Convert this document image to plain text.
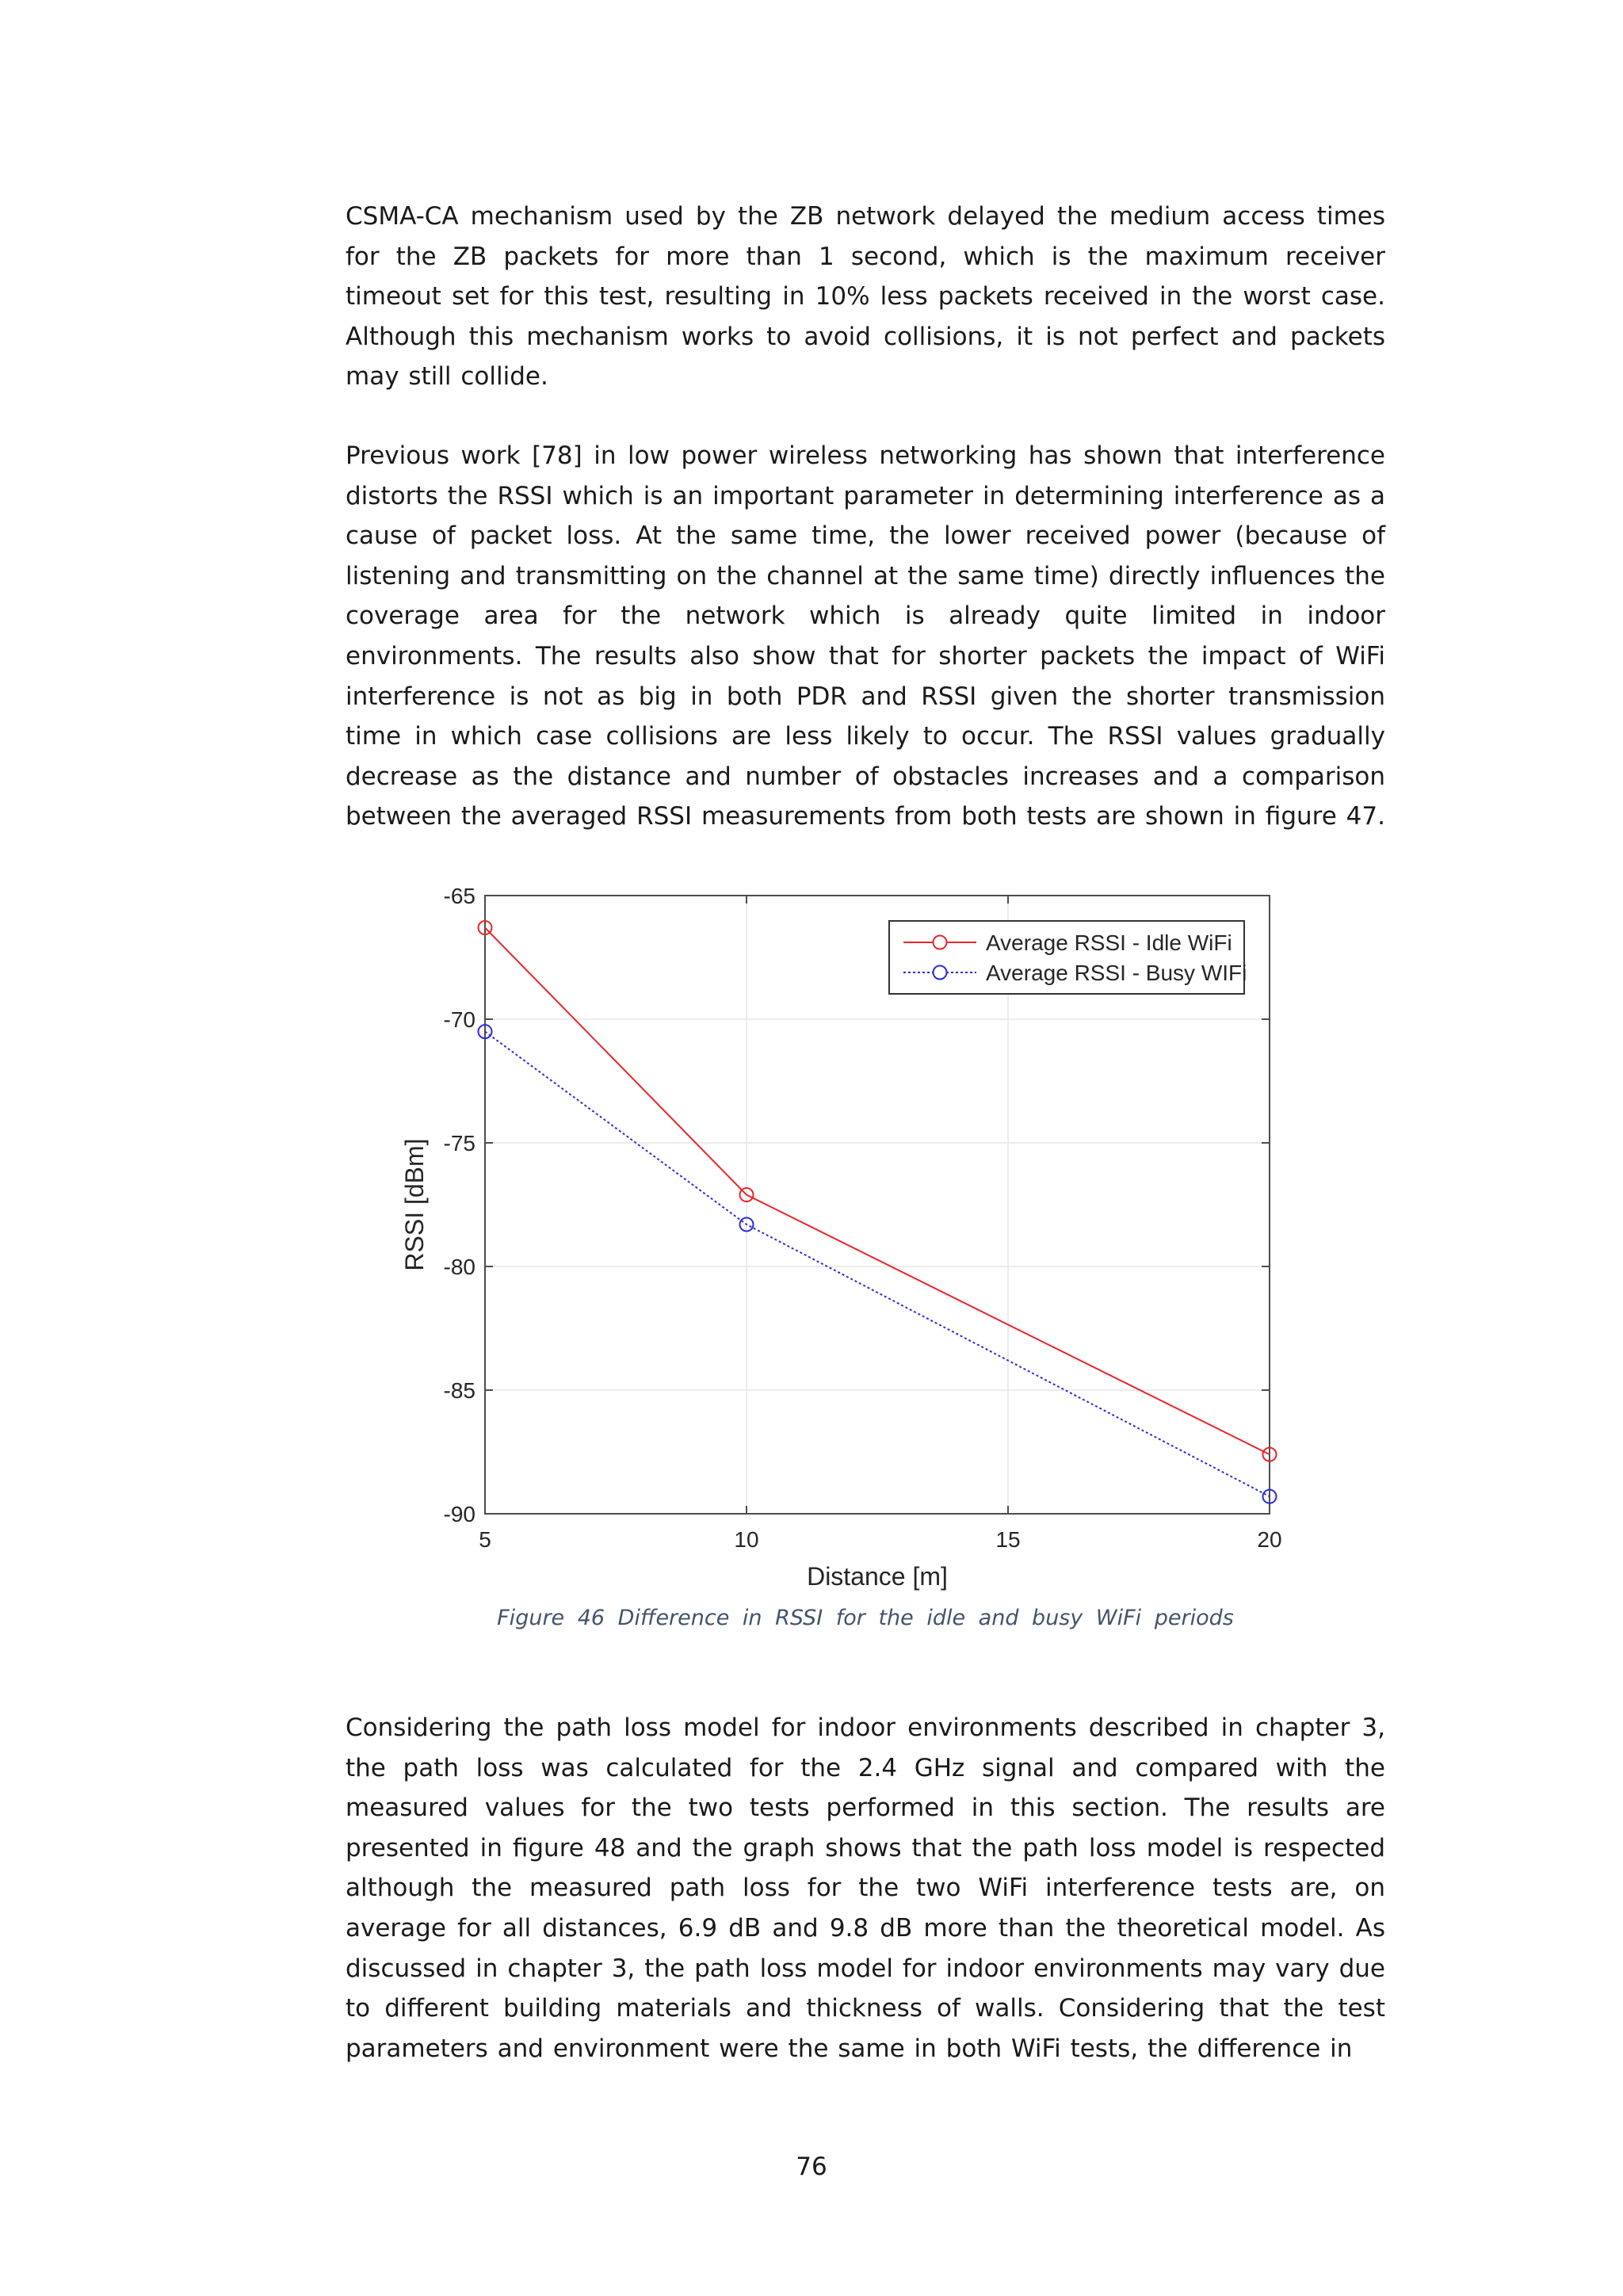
CSMA-CA mechanism used by the ZB network delayed the medium access times for the ZB packets for more than 1 second, which is the maximum receiver timeout set for this test, resulting in 10% less packets received in the worst case. Although this mechanism works to avoid collisions, it is not perfect and packets may still collide.

Previous work [78] in low power wireless networking has shown that interference distorts the RSSI which is an important parameter in determining interference as a cause of packet loss. At the same time, the lower received power (because of listening and transmitting on the channel at the same time) directly influences the coverage area for the network which is already quite limited in indoor environments. The results also show that for shorter packets the impact of WiFi interference is not as big in both PDR and RSSI given the shorter transmission time in which case collisions are less likely to occur. The RSSI values gradually decrease as the distance and number of obstacles increases and a comparison between the averaged RSSI measurements from both tests are shown in figure 47.

5	10	15	20
-65
-70
-75
-80
-85
-90
Distance [m]
RSSI [dBm]
Average RSSI - Idle WiFi
Average RSSI - Busy WIFi

Figure 46 Difference in RSSI for the idle and busy WiFi periods

Considering the path loss model for indoor environments described in chapter 3, the path loss was calculated for the 2.4 GHz signal and compared with the measured values for the two tests performed in this section. The results are presented in figure 48 and the graph shows that the path loss model is respected although the measured path loss for the two WiFi interference tests are, on average for all distances, 6.9 dB and 9.8 dB more than the theoretical model. As discussed in chapter 3, the path loss model for indoor environments may vary due to different building materials and thickness of walls. Considering that the test parameters and environment were the same in both WiFi tests, the difference in

76
